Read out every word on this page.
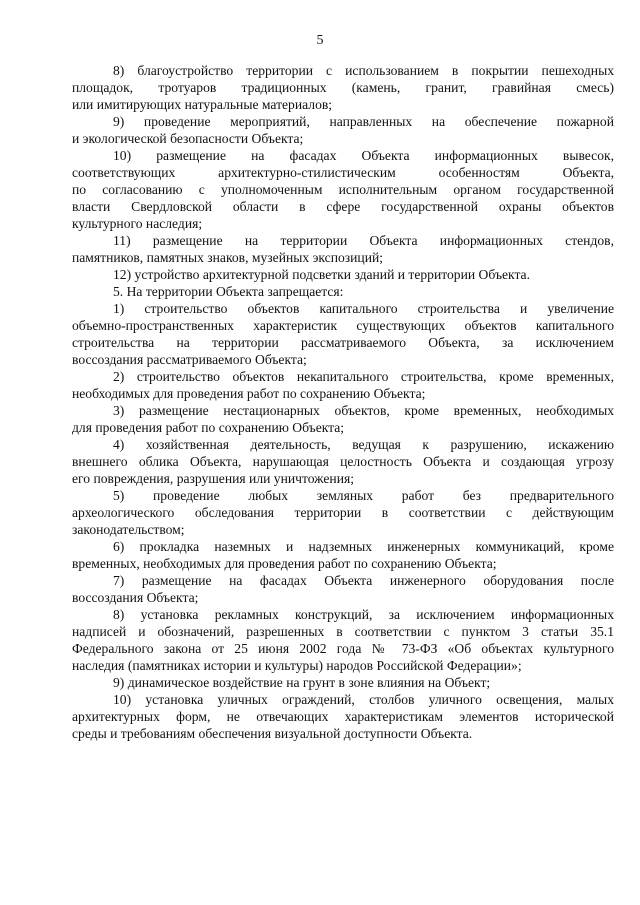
5
8) благоустройство территории с использованием в покрытии пешеходных
площадок, тротуаров традиционных (камень, гранит, гравийная смесь)
или имитирующих натуральные материалов;
9) проведение мероприятий, направленных на обеспечение пожарной
и экологической безопасности Объекта;
10) размещение на фасадах Объекта информационных вывесок,
соответствующих архитектурно-стилистическим особенностям Объекта,
по согласованию с уполномоченным исполнительным органом государственной
власти Свердловской области в сфере государственной охраны объектов
культурного наследия;
11) размещение на территории Объекта информационных стендов,
памятников, памятных знаков, музейных экспозиций;
12) устройство архитектурной подсветки зданий и территории Объекта.
5. На территории Объекта запрещается:
1) строительство объектов капитального строительства и увеличение
объемно-пространственных характеристик существующих объектов капитального
строительства на территории рассматриваемого Объекта, за исключением
воссоздания рассматриваемого Объекта;
2) строительство объектов некапитального строительства, кроме временных,
необходимых для проведения работ по сохранению Объекта;
3) размещение нестационарных объектов, кроме временных, необходимых
для проведения работ по сохранению Объекта;
4) хозяйственная деятельность, ведущая к разрушению, искажению
внешнего облика Объекта, нарушающая целостность Объекта и создающая угрозу
его повреждения, разрушения или уничтожения;
5) проведение любых земляных работ без предварительного
археологического обследования территории в соответствии с действующим
законодательством;
6) прокладка наземных и надземных инженерных коммуникаций, кроме
временных, необходимых для проведения работ по сохранению Объекта;
7) размещение на фасадах Объекта инженерного оборудования после
воссоздания Объекта;
8) установка рекламных конструкций, за исключением информационных
надписей и обозначений, разрешенных в соответствии с пунктом 3 статьи 35.1
Федерального закона от 25 июня 2002 года № 73-ФЗ «Об объектах культурного
наследия (памятниках истории и культуры) народов Российской Федерации»;
9) динамическое воздействие на грунт в зоне влияния на Объект;
10) установка уличных ограждений, столбов уличного освещения, малых
архитектурных форм, не отвечающих характеристикам элементов исторической
среды и требованиям обеспечения визуальной доступности Объекта.
